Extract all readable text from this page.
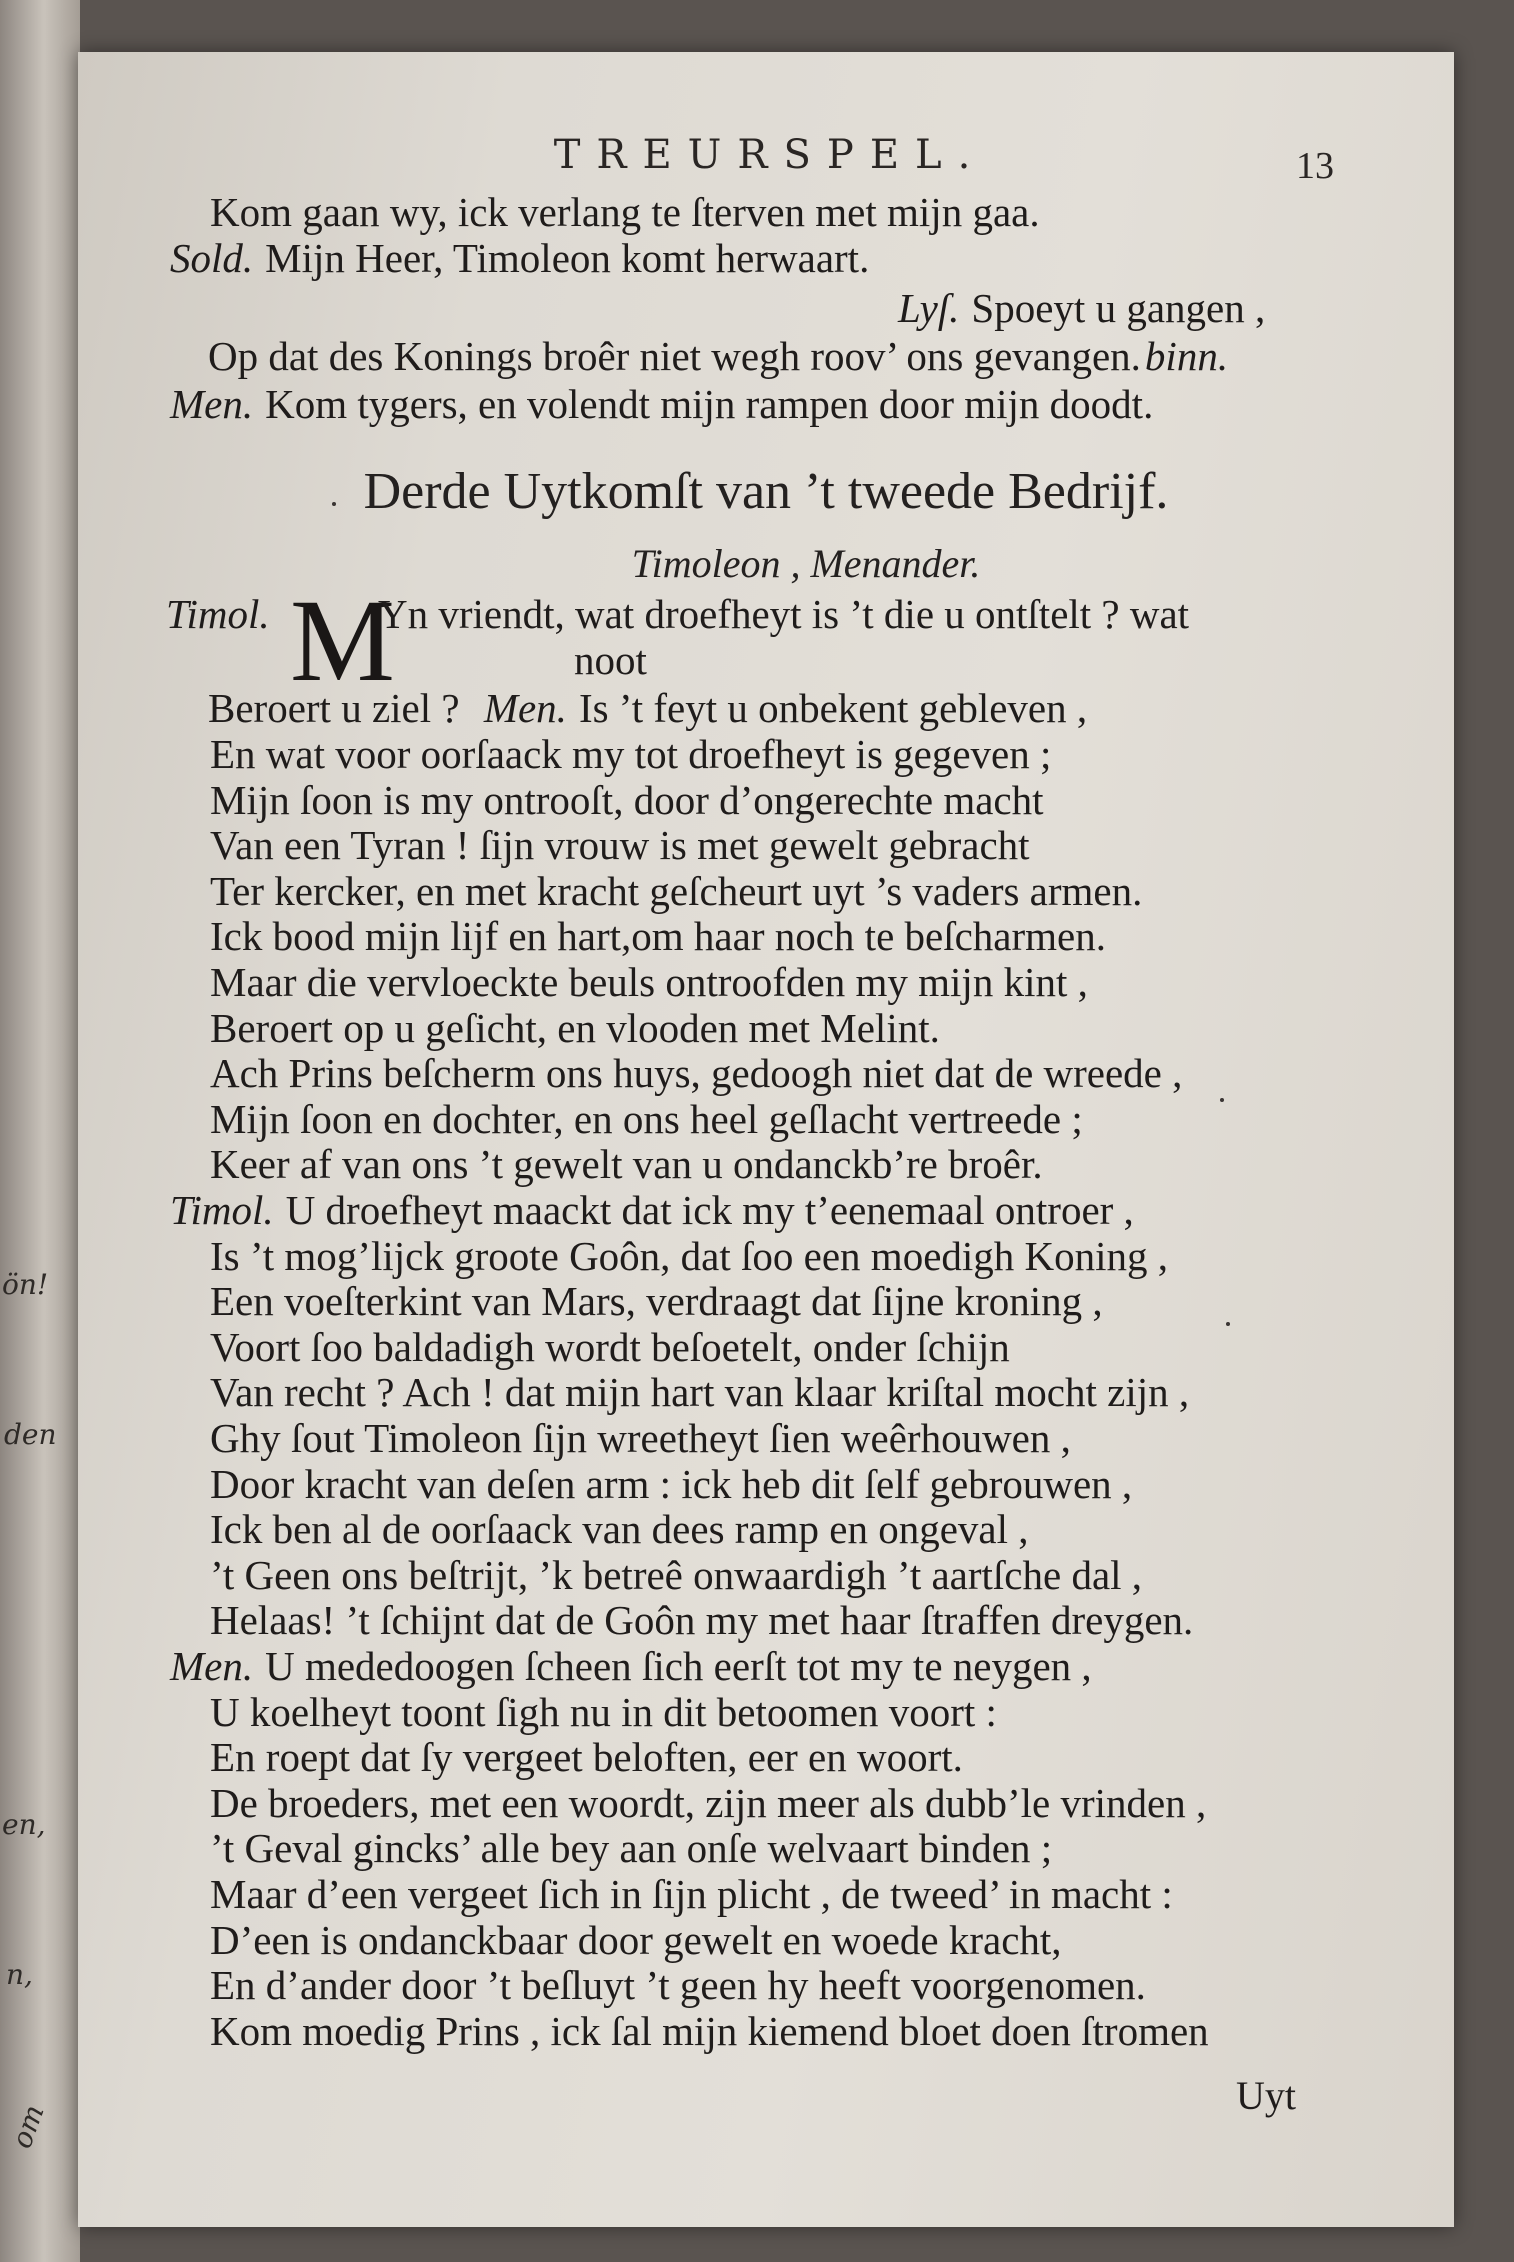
ön!
den
en,
n,
om
TREURSPEL.	13
Kom gaan wy, ick verlang te ſterven met mijn gaa.
Sold. Mijn Heer, Timoleon komt herwaart.
Lyſ. Spoeyt u gangen ,
Op dat des Konings broêr niet wegh roov’ ons gevangen.binn.
Men. Kom tygers, en volendt mijn rampen door mijn doodt.
Derde Uytkomſt van ’t tweede Bedrijf.
Timoleon , Menander.
Timol. M
Yn vriendt, wat droefheyt is ’t die u ontſtelt ? wat
noot
Beroert u ziel ? Men. Is ’t feyt u onbekent gebleven ,
En wat voor oorſaack my tot droefheyt is gegeven ;
Mijn ſoon is my ontrooſt, door d’ongerechte macht
Van een Tyran ! ſijn vrouw is met gewelt gebracht
Ter kercker, en met kracht geſcheurt uyt ’s vaders armen.
Ick bood mijn lijf en hart,om haar noch te beſcharmen.
Maar die vervloeckte beuls ontroofden my mijn kint ,
Beroert op u geſicht, en vlooden met Melint.
Ach Prins beſcherm ons huys, gedoogh niet dat de wreede ,
Mijn ſoon en dochter, en ons heel geſlacht vertreede ;
Keer af van ons ’t gewelt van u ondanckb’re broêr.
Timol. U droefheyt maackt dat ick my t’eenemaal ontroer ,
Is ’t mog’lijck groote Goôn, dat ſoo een moedigh Koning ,
Een voeſterkint van Mars, verdraagt dat ſijne kroning ,
Voort ſoo baldadigh wordt beſoetelt, onder ſchijn
Van recht ? Ach ! dat mijn hart van klaar kriſtal mocht zijn ,
Ghy ſout Timoleon ſijn wreetheyt ſien weêrhouwen ,
Door kracht van deſen arm : ick heb dit ſelf gebrouwen ,
Ick ben al de oorſaack van dees ramp en ongeval ,
’t Geen ons beſtrijt, ’k betreê onwaardigh ’t aartſche dal ,
Helaas! ’t ſchijnt dat de Goôn my met haar ſtraffen dreygen.
Men. U mededoogen ſcheen ſich eerſt tot my te neygen ,
U koelheyt toont ſigh nu in dit betoomen voort :
En roept dat ſy vergeet beloften, eer en woort.
De broeders, met een woordt, zijn meer als dubb’le vrinden ,
’t Geval gincks’ alle bey aan onſe welvaart binden ;
Maar d’een vergeet ſich in ſijn plicht , de tweed’ in macht :
D’een is ondanckbaar door gewelt en woede kracht,
En d’ander door ’t beſluyt ’t geen hy heeft voorgenomen.
Kom moedig Prins , ick ſal mijn kiemend bloet doen ſtromen
Uyt
